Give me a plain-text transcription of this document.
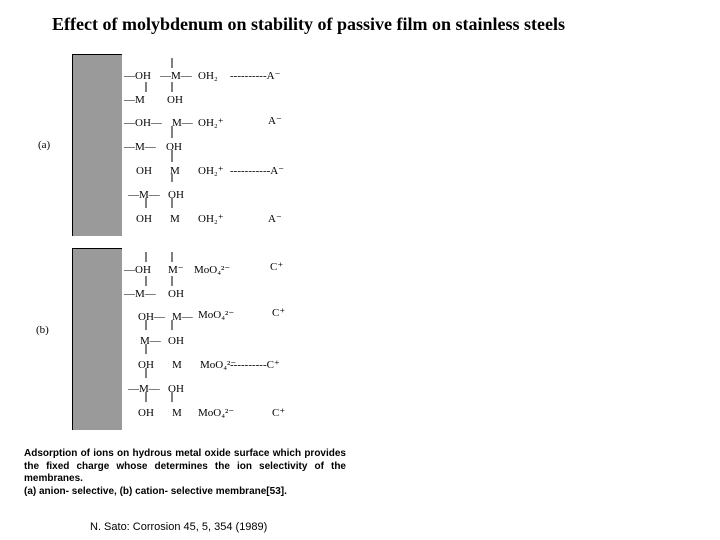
Effect of molybdenum on stability of passive film on stainless steels
(a)
—OH —M— OH₂ ----------A⁻
—M OH
—OH— M— OH₂⁺	A⁻
—M— OH
OH M OH₂⁺ -----------A⁻
—M— OH
OH M OH₂⁺	A⁻
(b)
—OH M⁻ MoO₄²⁻	C⁺
—M— OH
OH— M— MoO₄²⁻	C⁺
M— OH
OH M MoO₄²⁻
----------C⁺
—M— OH
OH M MoO₄²⁻	C⁺

Adsorption of ions on hydrous metal oxide surface which provides the fixed charge whose determines the ion selectivity of the membranes.

(a) anion- selective, (b) cation- selective membrane[53].

N. Sato: Corrosion 45, 5, 354 (1989)
